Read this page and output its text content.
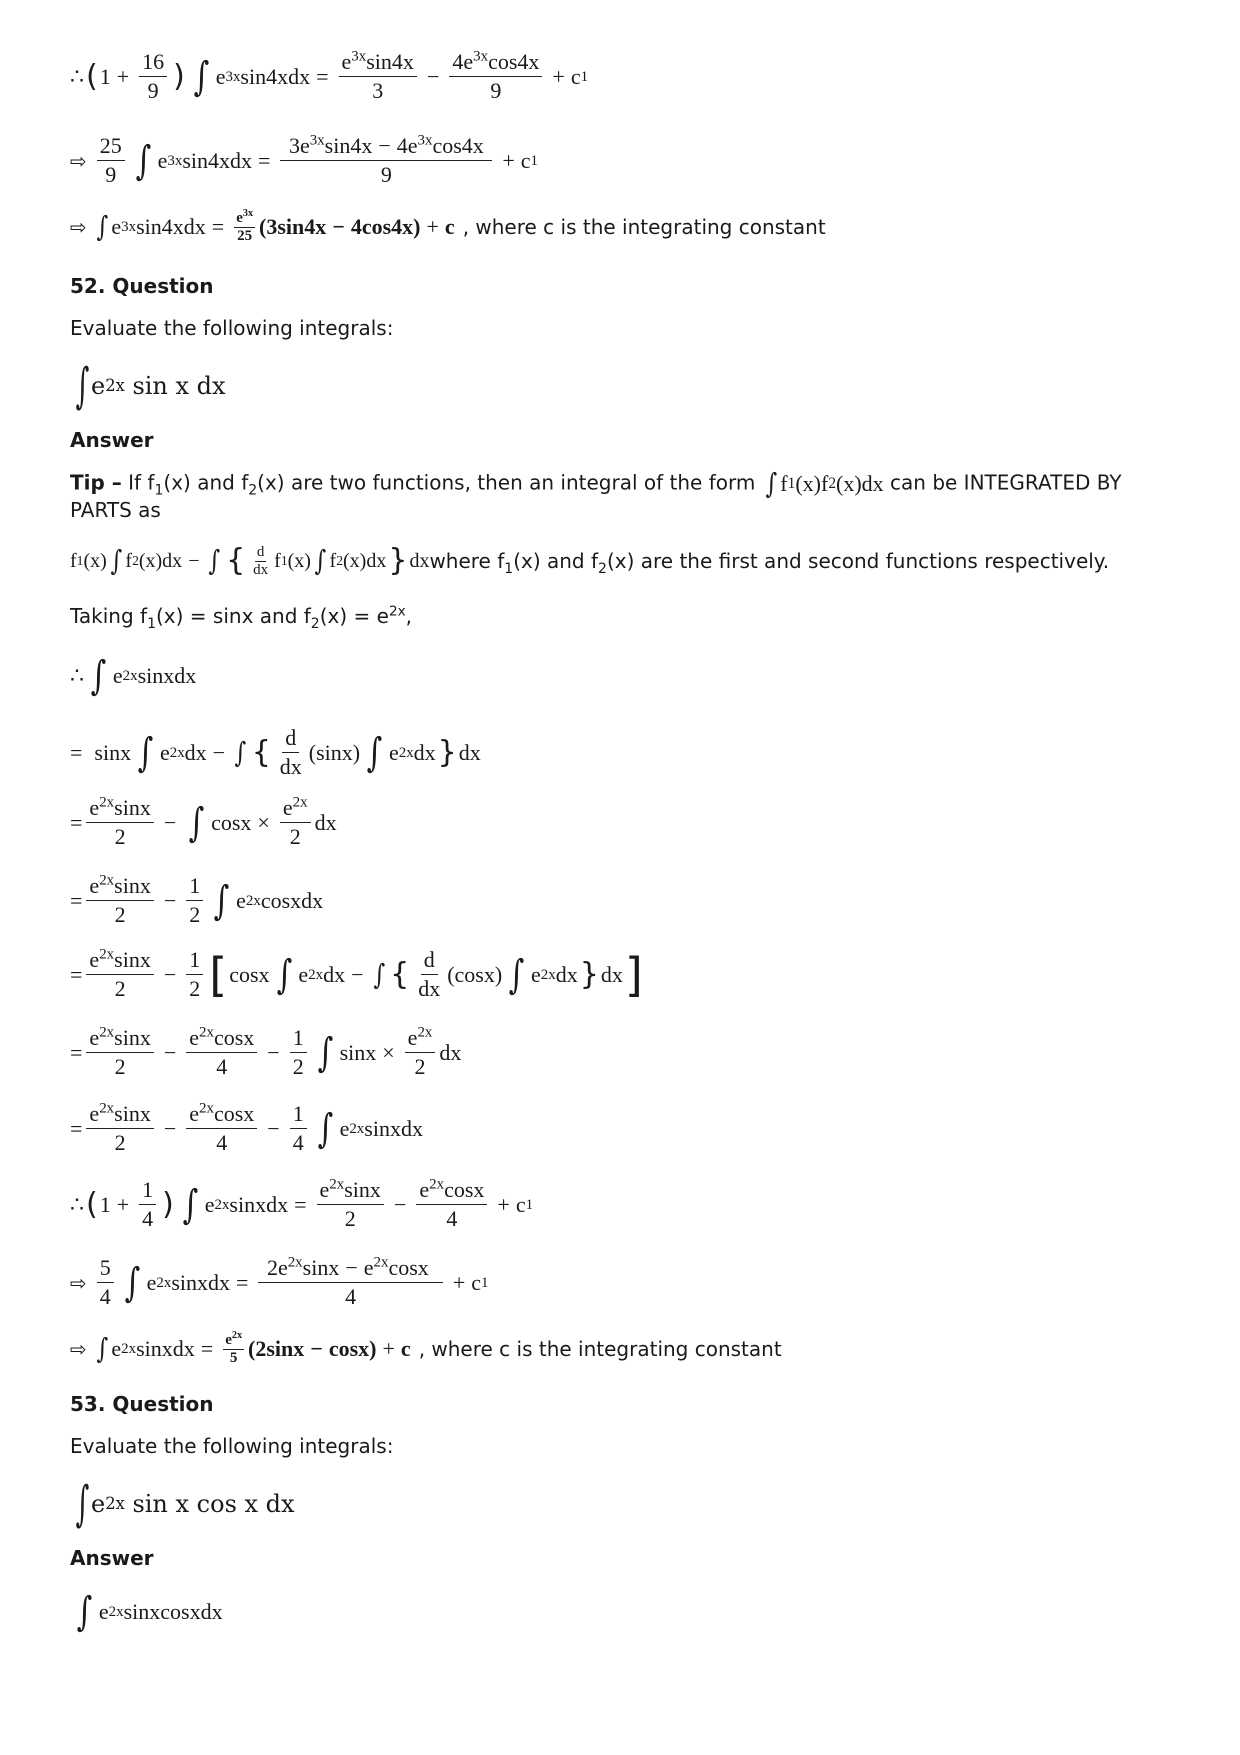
∴ ( $1 + \frac{16}{9}$ ) ∫ e 3x $\sin 4xdx = \frac{e^{3x}\sin 4x}{3} - \frac{4e^{3x}\cos 4x}{9} + c$ 1
⇨ $\frac{25}{9}$ ∫ e 3x $\sin 4xdx = \frac{3e^{3x}\sin 4x - 4e^{3x}\cos 4x}{9} + c$ 1
⇨ ∫ e 3x $\sin 4xdx = \frac{e^{3x}}{25} (3\sin 4x - 4\cos 4x) + c$ , where c is the integrating constant
52. Question
Evaluate the following integrals:
∫ e 2x sin x dx
Answer
Tip – If $f_1(x)$ and $f_2(x)$ are two functions, then an integral of the form ∫ f 1 (x)f 2 (x)dx can be INTEGRATED BY
PARTS as
f 1 (x) ∫ f 2 (x)dx − ∫ { $\frac{d}{dx}$ f 1 (x) ∫ f 2 (x)dx } dx where $f_1(x)$ and $f_2(x)$ are the first and second functions respectively.
Taking $f_1(x) = \sin x$ and $f_2(x) = e^{2x}$,
∴ ∫ e 2x sinxdx
= sinx ∫ e 2x dx − ∫ { $\frac{d}{dx} (\sin x)$ ∫ e 2x dx } dx
= $\frac{e^{2x}\sin x}{2}$ − ∫ $\cos x \times \frac{e^{2x}}{2}$ dx
= $\frac{e^{2x}\sin x}{2} - \frac{1}{2}$ ∫ e 2x cosxdx
= $\frac{e^{2x}\sin x}{2} - \frac{1}{2}$ [ cosx ∫ e 2x dx − ∫ { $\frac{d}{dx} (\cos x)$ ∫ e 2x dx } dx ]
= $\frac{e^{2x}\sin x}{2} - \frac{e^{2x}\cos x}{4} - \frac{1}{2}$ ∫ $\sin x \times \frac{e^{2x}}{2}$ dx
= $\frac{e^{2x}\sin x}{2} - \frac{e^{2x}\cos x}{4} - \frac{1}{4}$ ∫ e 2x sinxdx
∴ ( $1 + \frac{1}{4}$ ) ∫ e 2x sinxdx = $\frac{e^{2x}\sin x}{2} - \frac{e^{2x}\cos x}{4} + c$ 1
⇨ $\frac{5}{4}$ ∫ e 2x sinxdx = $\frac{2e^{2x}\sin x - e^{2x}\cos x}{4} + c$ 1
⇨ ∫ e 2x sinxdx = $\frac{e^{2x}}{5} (2\sin x - \cos x) + c$ , where c is the integrating constant
53. Question
Evaluate the following integrals:
∫ e 2x sin x cos x dx
Answer
∫ e 2x sinxcosxdx
